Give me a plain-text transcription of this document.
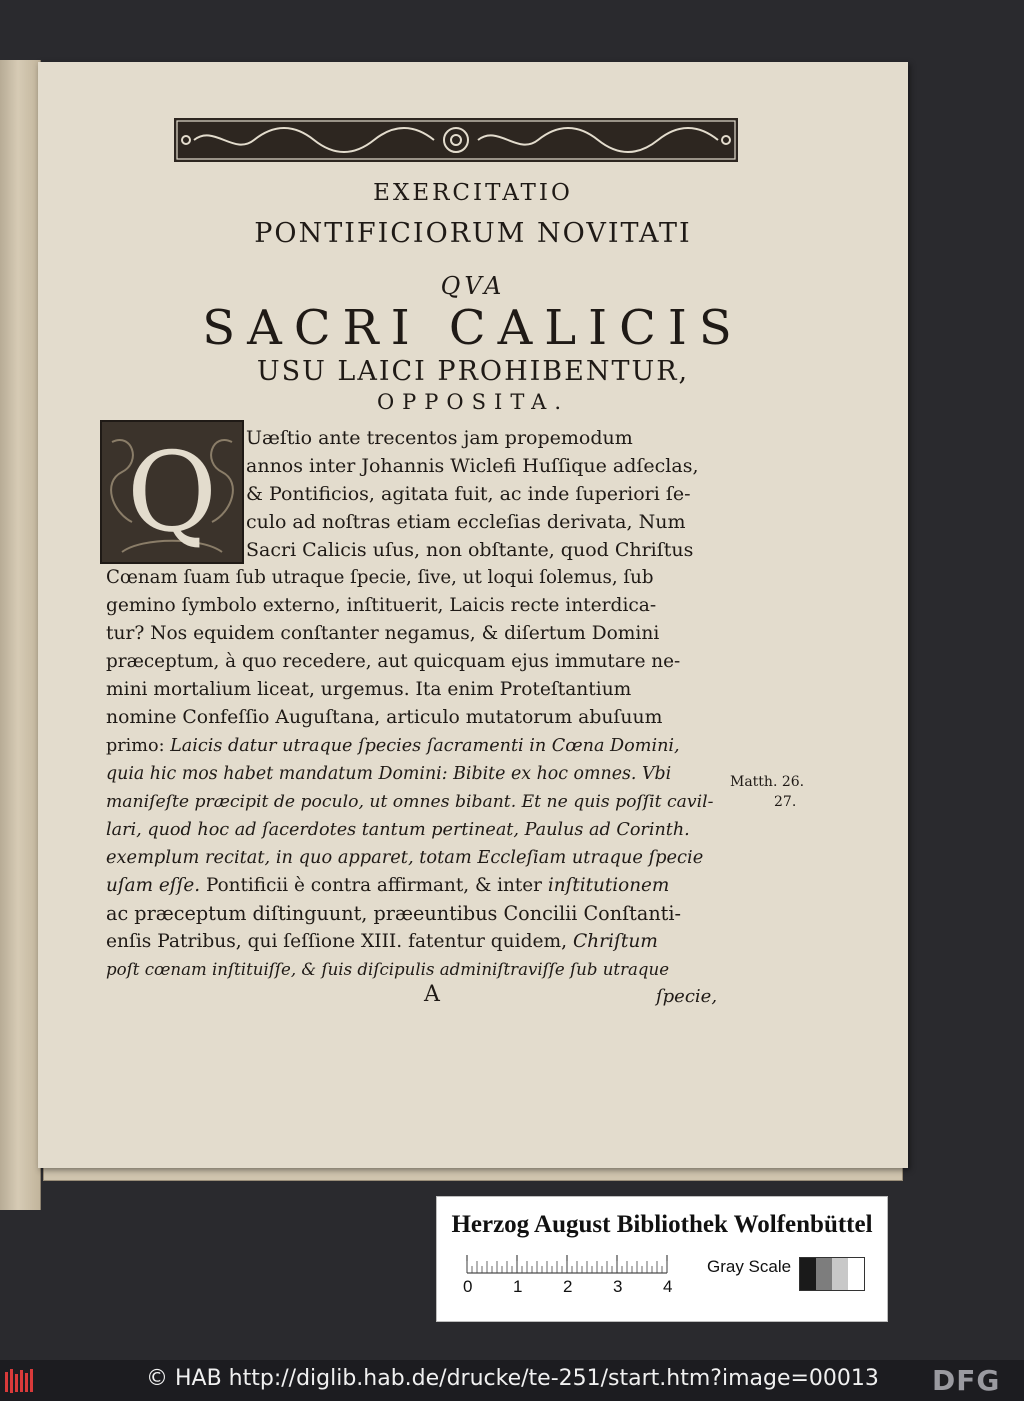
EXERCITATIO
PONTIFICIORUM NOVITATI
QVA
SACRI CALICIS
USU LAICI PROHIBENTUR,
OPPOSITA.
Q	Uæſtio ante trecentos jam propemodum
annos inter Johannis Wiclefi Huſſique adſeclas,
& Pontificios, agitata fuit, ac inde ſuperiori ſe-
culo ad noſtras etiam eccleſias derivata, Num
Sacri Calicis uſus, non obſtante, quod Chriſtus
Cœnam ſuam ſub utraque ſpecie, ſive, ut loqui ſolemus, ſub
gemino ſymbolo externo, inſtituerit, Laicis recte interdica-
tur? Nos equidem conſtanter negamus, & diſertum Domini
præceptum, à quo recedere, aut quicquam ejus immutare ne-
mini mortalium liceat, urgemus. Ita enim Proteſtantium
nomine Confeſſio Auguſtana, articulo mutatorum abuſuum
primo: Laicis datur utraque ſpecies ſacramenti in Cœna Domini,
quia hic mos habet mandatum Domini: Bibite ex hoc omnes. Vbi
maniſeſte præcipit de poculo, ut omnes bibant. Et ne quis poſſit cavil-
lari, quod hoc ad ſacerdotes tantum pertineat, Paulus ad Corinth.
exemplum recitat, in quo apparet, totam Eccleſiam utraque ſpecie
uſam eſſe. Pontificii è contra affirmant, & inter inſtitutionem
ac præceptum diſtinguunt, præeuntibus Concilii Conſtanti-
enſis Patribus, qui ſeſſione XIII. fatentur quidem, Chriſtum
poſt cœnam inſtituiſſe, & ſuis diſcipulis adminiſtraviſſe ſub utraque
Matth. 26.
27.
A	ſpecie,
Herzog August Bibliothek Wolfenbüttel
0 1 2 3 4
Gray Scale
© HAB http://diglib.hab.de/drucke/te-251/start.htm?image=00013 DFG
